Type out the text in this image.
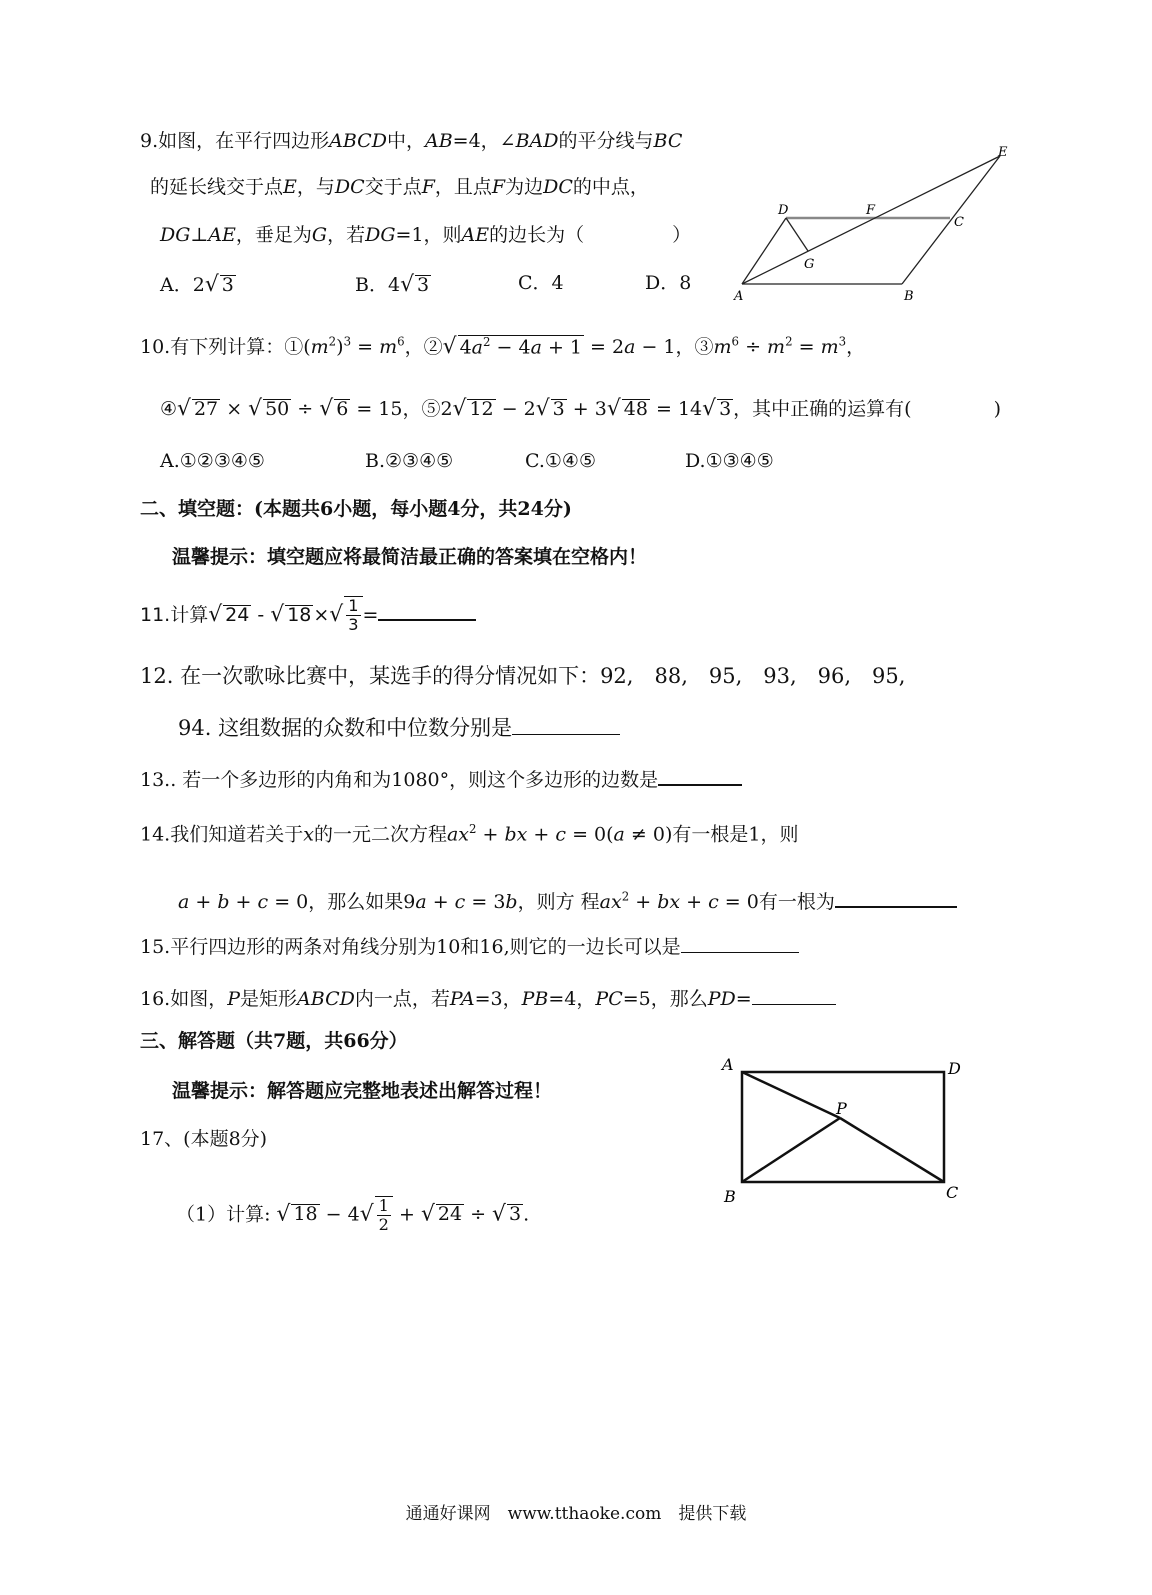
9.如图，在平行四边形ABCD中，AB=4，∠BAD的平分线与BC
的延长线交于点E，与DC交于点F，且点F为边DC的中点，
DG⊥AE，垂足为G，若DG=1，则AE的边长为（	）
A．2√ 3	B．4√ 3	C．4	D．8
A	B
C
D
E
F
G
10.有下列计算：$①(m^2)^3 = m^6$，②√ $4a^2 - 4a + 1 = 2a - 1$，$③m^6 \div m^2 = m^3$，
④√ 27 × √ 50 ÷ √ 6 = 15，⑤2√ 12 − 2√ 3 + 3√ 48 = 14√ 3 ，其中正确的运算有(	)
A.①②③④⑤	B.②③④⑤	C.①④⑤	D.①③④⑤
二、填空题：(本题共6小题，每小题4分，共24分)
温馨提示：填空题应将最简洁最正确的答案填在空格内！
11.计算√ 24 - √ 18 ×√ $\frac{1}{3}$ =
12. 在一次歌咏比赛中，某选手的得分情况如下：92,　88,　95,　93,　96,　95,
94. 这组数据的众数和中位数分别是
13.. 若一个多边形的内角和为1080°，则这个多边形的边数是
14.我们知道若关于x的一元二次方程$ax^2$ + bx + c = 0(a ≠ 0)有一根是1，则
a + b + c = 0，那么如果9a + c = 3b，则方 程$ax^2$ + bx + c = 0有一根为
15.平行四边形的两条对角线分别为10和16,则它的一边长可以是
16.如图，P是矩形ABCD内一点，若PA=3，PB=4，PC=5，那么PD=
三、解答题（共7题，共66分）
温馨提示：解答题应完整地表述出解答过程！
17、(本题8分)
（1）计算: √ $18 - 4√ \frac{1}{2}$ + √ 24 ÷ √ 3 .
A	D
B	C
P
通通好课网　www.tthaoke.com　提供下载
